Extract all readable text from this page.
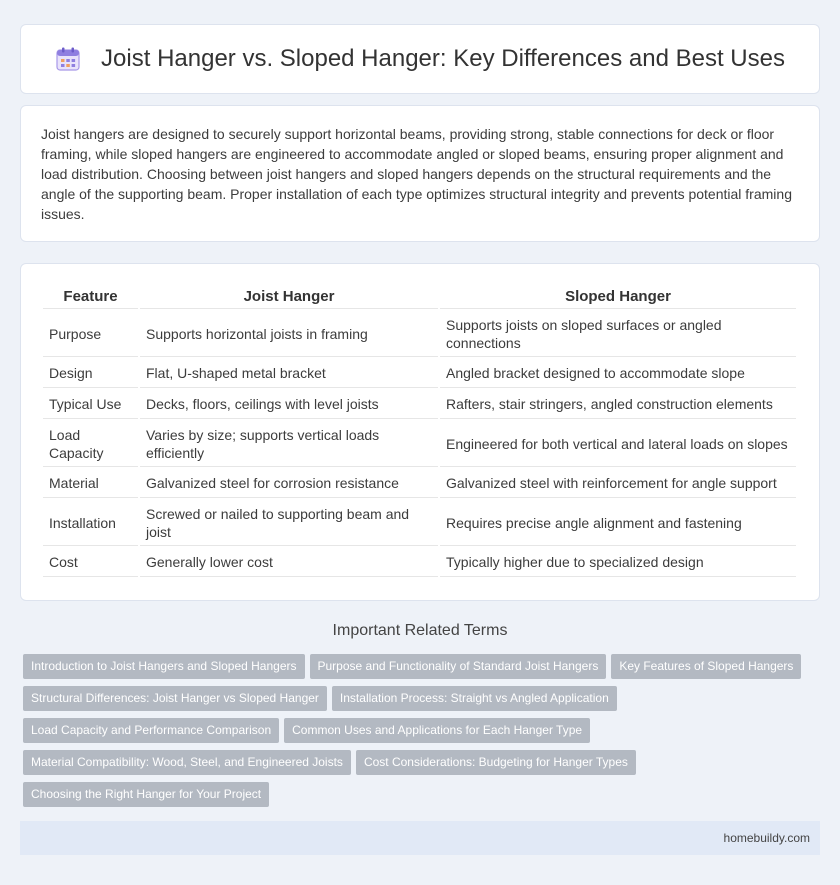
Joist Hanger vs. Sloped Hanger: Key Differences and Best Uses

Joist hangers are designed to securely support horizontal beams, providing strong, stable connections for deck or floor framing, while sloped hangers are engineered to accommodate angled or sloped beams, ensuring proper alignment and load distribution. Choosing between joist hangers and sloped hangers depends on the structural requirements and the angle of the supporting beam. Proper installation of each type optimizes structural integrity and prevents potential framing issues.

Feature	Joist Hanger	Sloped Hanger
Purpose	Supports horizontal joists in framing	Supports joists on sloped surfaces or angled connections
Design	Flat, U-shaped metal bracket	Angled bracket designed to accommodate slope
Typical Use	Decks, floors, ceilings with level joists	Rafters, stair stringers, angled construction elements
Load Capacity	Varies by size; supports vertical loads efficiently	Engineered for both vertical and lateral loads on slopes
Material	Galvanized steel for corrosion resistance	Galvanized steel with reinforcement for angle support
Installation	Screwed or nailed to supporting beam and joist	Requires precise angle alignment and fastening
Cost	Generally lower cost	Typically higher due to specialized design
Important Related Terms
Introduction to Joist Hangers and Sloped Hangers Purpose and Functionality of Standard Joist Hangers Key Features of Sloped HangersStructural Differences: Joist Hanger vs Sloped Hanger Installation Process: Straight vs Angled ApplicationLoad Capacity and Performance Comparison Common Uses and Applications for Each Hanger TypeMaterial Compatibility: Wood, Steel, and Engineered Joists Cost Considerations: Budgeting for Hanger TypesChoosing the Right Hanger for Your Project
homebuildy.com
